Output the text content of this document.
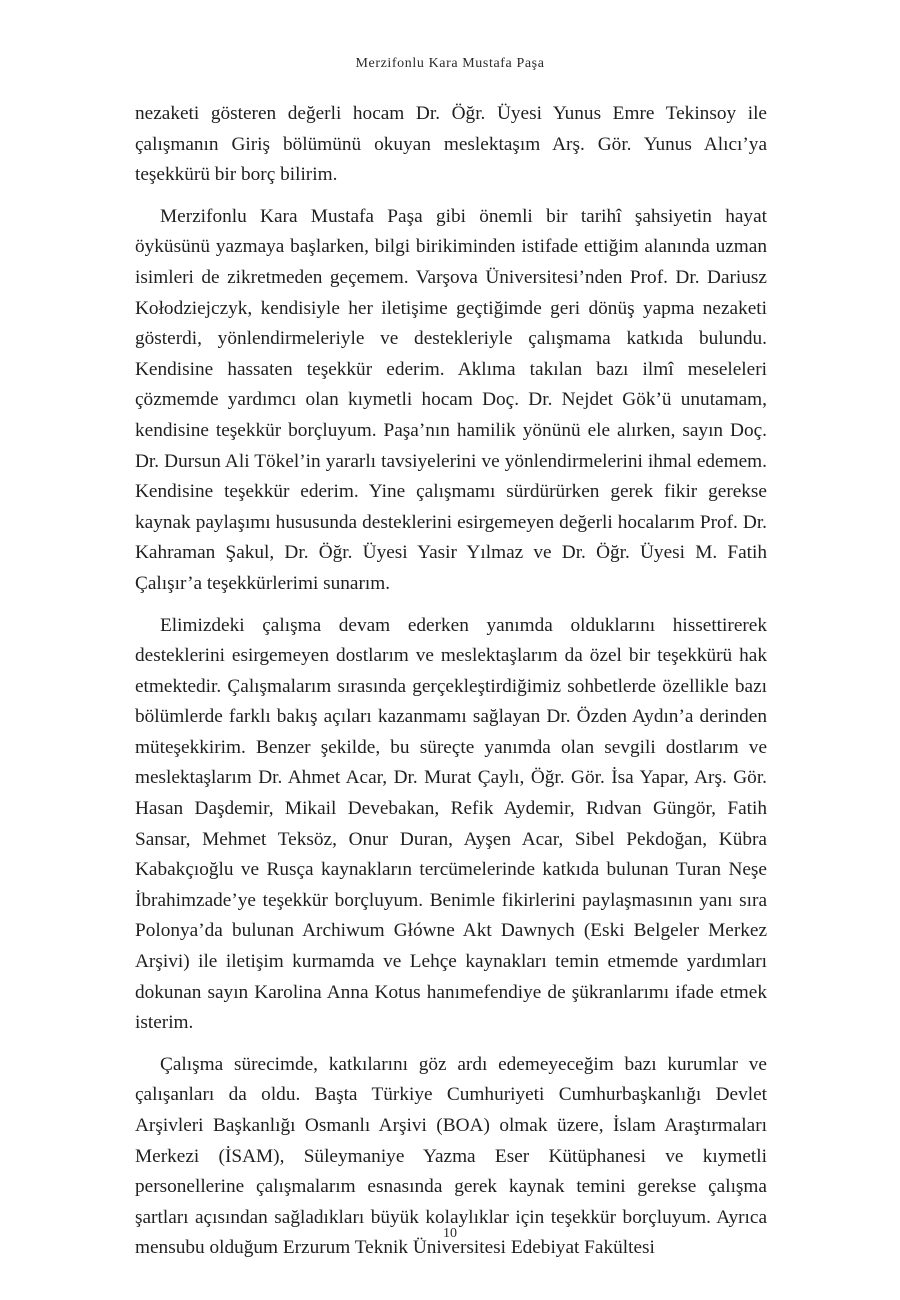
Merzifonlu Kara Mustafa Paşa

nezaketi gösteren değerli hocam Dr. Öğr. Üyesi Yunus Emre Tekinsoy ile çalışmanın Giriş bölümünü okuyan meslektaşım Arş. Gör. Yunus Alıcı’ya teşekkürü bir borç bilirim.

Merzifonlu Kara Mustafa Paşa gibi önemli bir tarihî şahsiyetin hayat öyküsünü yazmaya başlarken, bilgi birikiminden istifade ettiğim alanında uzman isimleri de zikretmeden geçemem. Varşova Üniversitesi’nden Prof. Dr. Dariusz Kołodziejczyk, kendisiyle her iletişime geçtiğimde geri dönüş yapma nezaketi gösterdi, yönlendirmeleriyle ve destekleriyle çalışmama katkıda bulundu. Kendisine hassaten teşekkür ederim. Aklıma takılan bazı ilmî meseleleri çözmemde yardımcı olan kıymetli hocam Doç. Dr. Nejdet Gök’ü unutamam, kendisine teşekkür borçluyum. Paşa’nın hamilik yönünü ele alırken, sayın Doç. Dr. Dursun Ali Tökel’in yararlı tavsiyelerini ve yönlendirmelerini ihmal edemem. Kendisine teşekkür ederim. Yine çalışmamı sürdürürken gerek fikir gerekse kaynak paylaşımı hususunda desteklerini esirgemeyen değerli hocalarım Prof. Dr. Kahraman Şakul, Dr. Öğr. Üyesi Yasir Yılmaz ve Dr. Öğr. Üyesi M. Fatih Çalışır’a teşekkürlerimi sunarım.

Elimizdeki çalışma devam ederken yanımda olduklarını hissettirerek desteklerini esirgemeyen dostlarım ve meslektaşlarım da özel bir teşekkürü hak etmektedir. Çalışmalarım sırasında gerçekleştirdiğimiz sohbetlerde özellikle bazı bölümlerde farklı bakış açıları kazanmamı sağlayan Dr. Özden Aydın’a derinden müteşekkirim. Benzer şekilde, bu süreçte yanımda olan sevgili dostlarım ve meslektaşlarım Dr. Ahmet Acar, Dr. Murat Çaylı, Öğr. Gör. İsa Yapar, Arş. Gör. Hasan Daşdemir, Mikail Devebakan, Refik Aydemir, Rıdvan Güngör, Fatih Sansar, Mehmet Teksöz, Onur Duran, Ayşen Acar, Sibel Pekdoğan, Kübra Kabakçıoğlu ve Rusça kaynakların tercümelerinde katkıda bulunan Turan Neşe İbrahimzade’ye teşekkür borçluyum. Benimle fikirlerini paylaşmasının yanı sıra Polonya’da bulunan Archiwum Główne Akt Dawnych (Eski Belgeler Merkez Arşivi) ile iletişim kurmamda ve Lehçe kaynakları temin etmemde yardımları dokunan sayın Karolina Anna Kotus hanımefendiye de şükranlarımı ifade etmek isterim.

Çalışma sürecimde, katkılarını göz ardı edemeyeceğim bazı kurumlar ve çalışanları da oldu. Başta Türkiye Cumhuriyeti Cumhurbaşkanlığı Devlet Arşivleri Başkanlığı Osmanlı Arşivi (BOA) olmak üzere, İslam Araştırmaları Merkezi (İSAM), Süleymaniye Yazma Eser Kütüphanesi ve kıymetli personellerine çalışmalarım esnasında gerek kaynak temini gerekse çalışma şartları açısından sağladıkları büyük kolaylıklar için teşekkür borçluyum. Ayrıca mensubu olduğum Erzurum Teknik Üniversitesi Edebiyat Fakültesi

10
